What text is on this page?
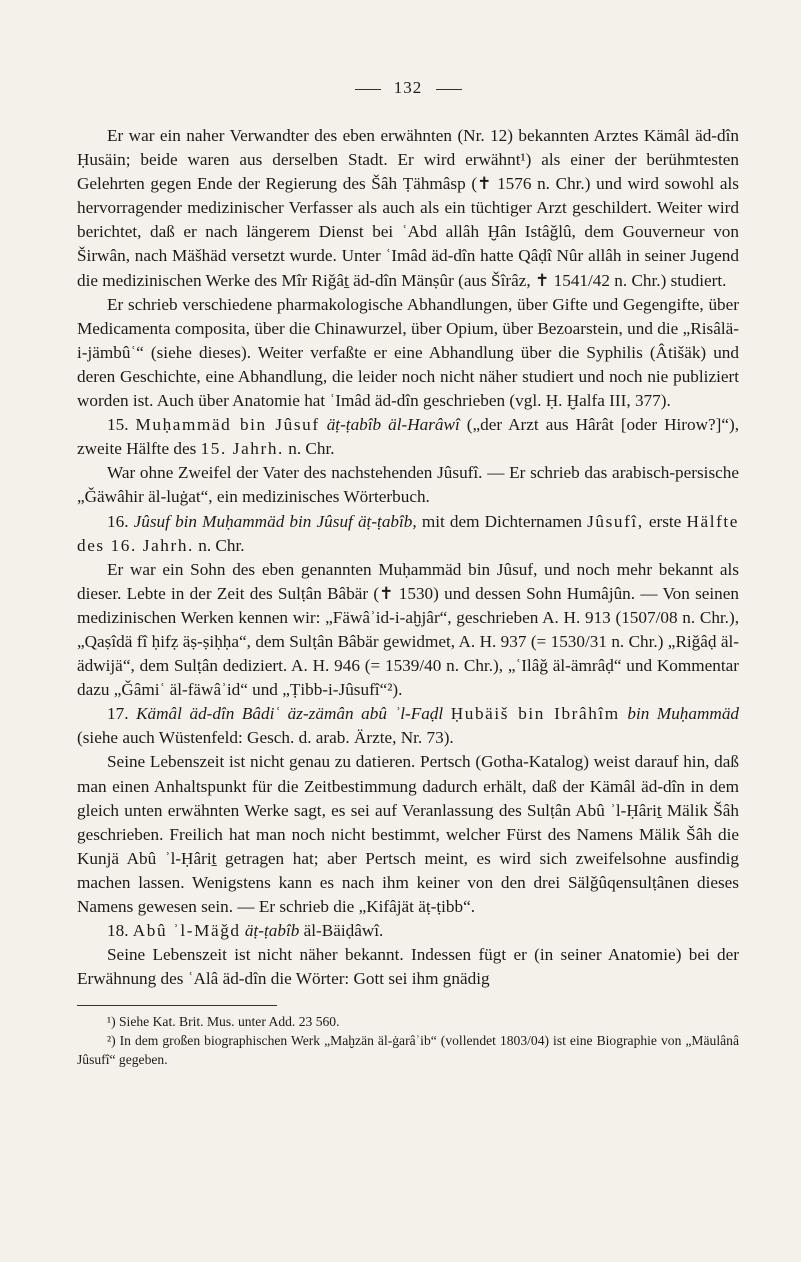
132

Er war ein naher Verwandter des eben erwähnten (Nr. 12) bekannten Arztes Kämâl äd-dîn Ḥusäin; beide waren aus derselben Stadt. Er wird erwähnt¹) als einer der berühmtesten Gelehrten gegen Ende der Regierung des Šâh Ṭähmâsp (✝ 1576 n. Chr.) und wird sowohl als hervorragender medizinischer Verfasser als auch als ein tüchtiger Arzt geschildert. Weiter wird berichtet, daß er nach längerem Dienst bei ʿAbd allâh Ḫân Istâǧlû, dem Gouverneur von Širwân, nach Mäšhäd versetzt wurde. Unter ʿImâd äd-dîn hatte Qâḍî Nûr allâh in seiner Jugend die medizinischen Werke des Mîr Riǧâṯ äd-dîn Mänṣûr (aus Šîrâz, ✝ 1541/42 n. Chr.) studiert.

Er schrieb verschiedene pharmakologische Abhandlungen, über Gifte und Gegengifte, über Medicamenta composita, über die Chinawurzel, über Opium, über Bezoarstein, und die „Risâlä-i-jämbûʿ“ (siehe dieses). Weiter verfaßte er eine Abhandlung über die Syphilis (Âtišäk) und deren Geschichte, eine Abhandlung, die leider noch nicht näher studiert und noch nie publiziert worden ist. Auch über Anatomie hat ʿImâd äd-dîn geschrieben (vgl. Ḥ. Ḫalfa III, 377).

15. Muḥammäd bin Jûsuf äṭ-ṭabîb äl-Harâwî („der Arzt aus Hârât [oder Hirow?]“), zweite Hälfte des 15. Jahrh. n. Chr.

War ohne Zweifel der Vater des nachstehenden Jûsufî. — Er schrieb das arabisch-persische „Ǧäwâhir äl-luġat“, ein medizinisches Wörterbuch.

16. Jûsuf bin Muḥammäd bin Jûsuf äṭ-ṭabîb, mit dem Dichternamen Jûsufî, erste Hälfte des 16. Jahrh. n. Chr.

Er war ein Sohn des eben genannten Muḥammäd bin Jûsuf, und noch mehr bekannt als dieser. Lebte in der Zeit des Sulṭân Bâbär (✝ 1530) und dessen Sohn Humâjûn. — Von seinen medizinischen Werken kennen wir: „Fäwâʾid-i-aḫjâr“, geschrieben A. H. 913 (1507/08 n. Chr.), „Qaṣîdä fî ḥifẓ äṣ-ṣiḥḥa“, dem Sulṭân Bâbär gewidmet, A. H. 937 (= 1530/31 n. Chr.) „Riǧâḍ äl-ädwijä“, dem Sulṭân dediziert. A. H. 946 (= 1539/40 n. Chr.), „ʿIlâǧ äl-ämrâḍ“ und Kommentar dazu „Ǧâmiʿ äl-fäwâʾid“ und „Ṭibb-i-Jûsufî“²).

17. Kämâl äd-dîn Bâdiʿ äz-zämân abû ʾl-Faḍl Ḥubäiš bin Ibrâhîm bin Muḥammäd (siehe auch Wüstenfeld: Gesch. d. arab. Ärzte, Nr. 73).

Seine Lebenszeit ist nicht genau zu datieren. Pertsch (Gotha-Katalog) weist darauf hin, daß man einen Anhaltspunkt für die Zeitbestimmung dadurch erhält, daß der Kämâl äd-dîn in dem gleich unten erwähnten Werke sagt, es sei auf Veranlassung des Sulṭân Abû ʾl-Ḥâriṯ Mälik Šâh geschrieben. Freilich hat man noch nicht bestimmt, welcher Fürst des Namens Mälik Šâh die Kunjä Abû ʾl-Ḥâriṯ getragen hat; aber Pertsch meint, es wird sich zweifelsohne ausfindig machen lassen. Wenigstens kann es nach ihm keiner von den drei Sälǧûqensulṭânen dieses Namens gewesen sein. — Er schrieb die „Kifâjät äṭ-ṭibb“.

18. Abû ʾl-Mäǧd äṭ-ṭabîb äl-Bäiḍâwî.

Seine Lebenszeit ist nicht näher bekannt. Indessen fügt er (in seiner Anatomie) bei der Erwähnung des ʿAlâ äd-dîn die Wörter: Gott sei ihm gnädig

¹) Siehe Kat. Brit. Mus. unter Add. 23 560.

²) In dem großen biographischen Werk „Maḫzän äl-ġarâʾib“ (vollendet 1803/04) ist eine Biographie von „Mäulânâ Jûsufî“ gegeben.
